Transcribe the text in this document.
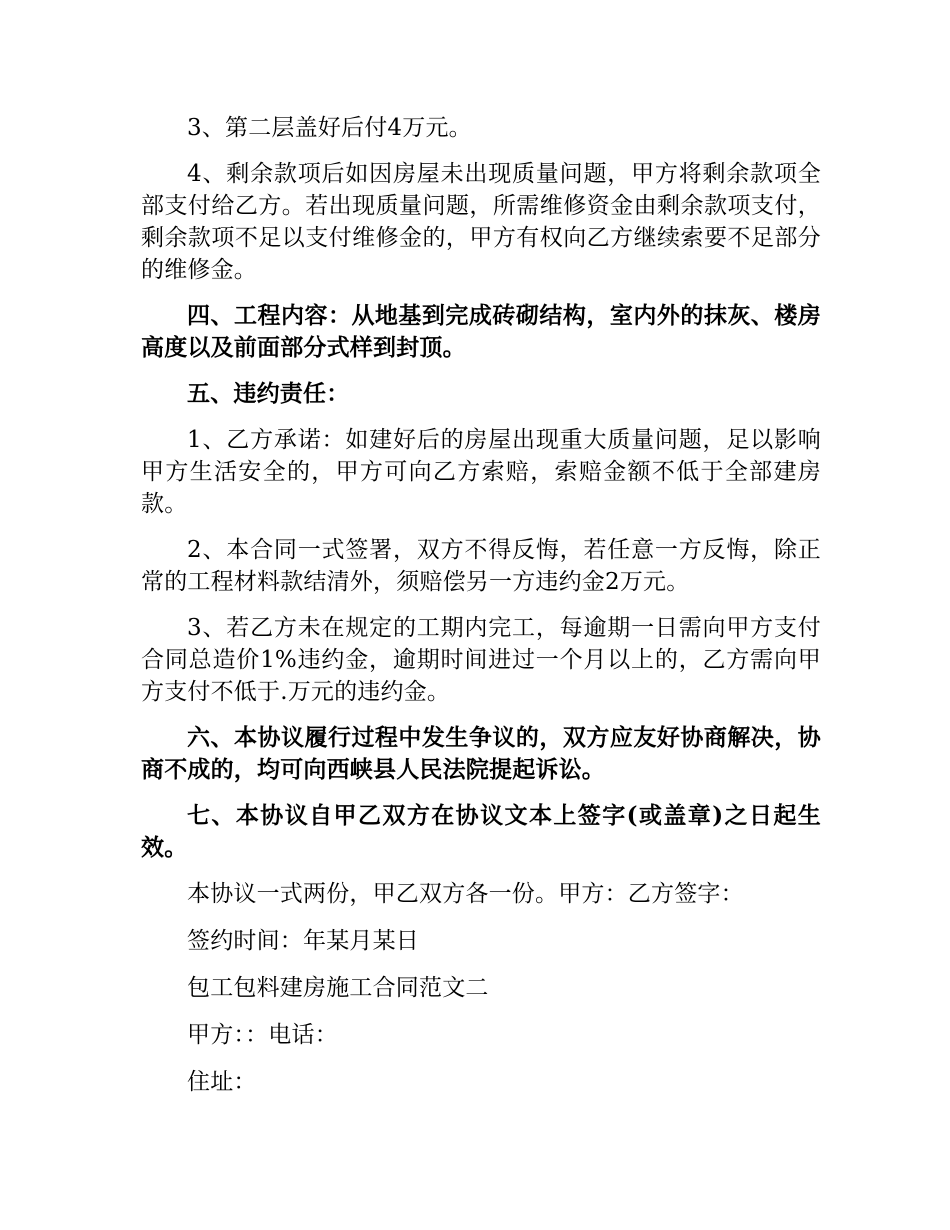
3、第二层盖好后付4万元。

4、剩余款项后如因房屋未出现质量问题，甲方将剩余款项全部支付给乙方。若出现质量问题，所需维修资金由剩余款项支付，剩余款项不足以支付维修金的，甲方有权向乙方继续索要不足部分的维修金。

四、工程内容：从地基到完成砖砌结构，室内外的抹灰、楼房高度以及前面部分式样到封顶。

五、违约责任：

1、乙方承诺：如建好后的房屋出现重大质量问题，足以影响甲方生活安全的，甲方可向乙方索赔，索赔金额不低于全部建房款。

2、本合同一式签署，双方不得反悔，若任意一方反悔，除正常的工程材料款结清外，须赔偿另一方违约金2万元。

3、若乙方未在规定的工期内完工，每逾期一日需向甲方支付合同总造价1%违约金，逾期时间进过一个月以上的，乙方需向甲方支付不低于.万元的违约金。

六、本协议履行过程中发生争议的，双方应友好协商解决，协商不成的，均可向西峡县人民法院提起诉讼。

七、本协议自甲乙双方在协议文本上签字(或盖章)之日起生效。

本协议一式两份，甲乙双方各一份。甲方：乙方签字：

签约时间：年某月某日

包工包料建房施工合同范文二

甲方：：电话：

住址：
